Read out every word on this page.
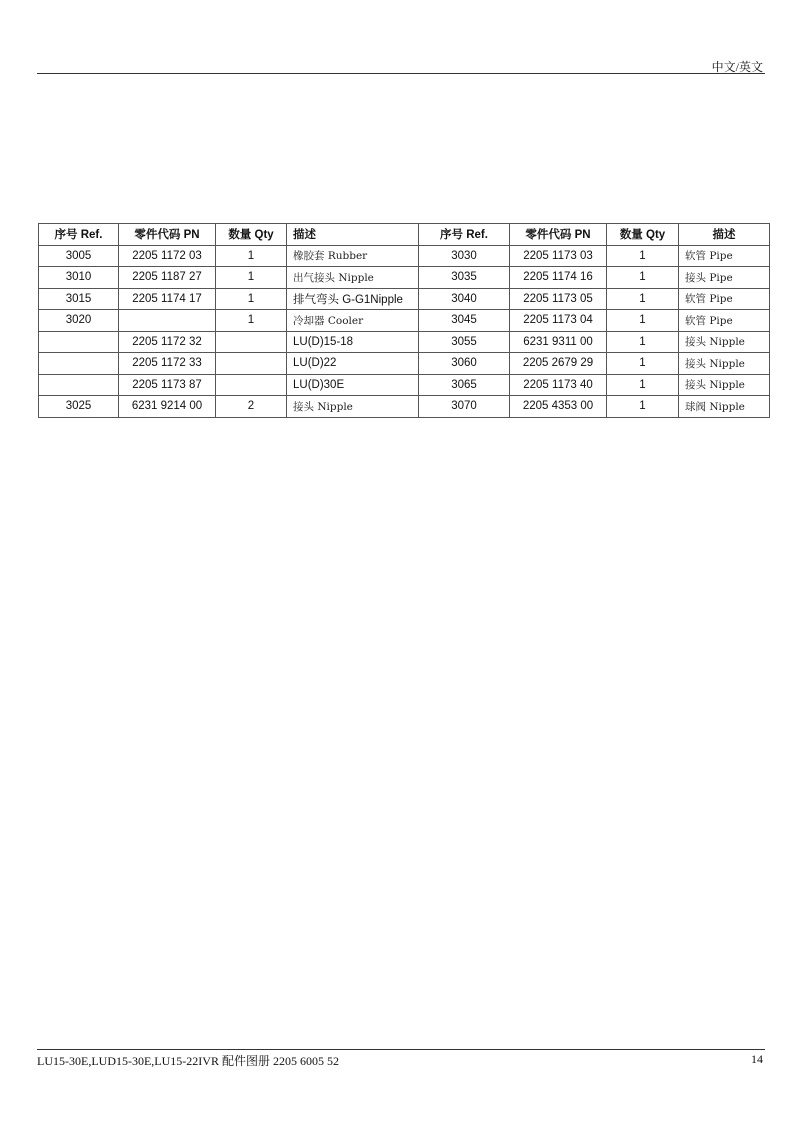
中文/英文
序号 Ref.	零件代码 PN	数量 Qty	描述	序号 Ref.	零件代码 PN	数量 Qty	描述
3005	2205 1172 03	1	橡胶套 Rubber	3030	2205 1173 03	1	软管 Pipe
3010	2205 1187 27	1	出气接头 Nipple	3035	2205 1174 16	1	接头 Pipe
3015	2205 1174 17	1	排气弯头 G-G1Nipple	3040	2205 1173 05	1	软管 Pipe
3020		1	冷却器 Cooler	3045	2205 1173 04	1	软管 Pipe
	2205 1172 32		LU(D)15-18	3055	6231 9311 00	1	接头 Nipple
	2205 1172 33		LU(D)22	3060	2205 2679 29	1	接头 Nipple
	2205 1173 87		LU(D)30E	3065	2205 1173 40	1	接头 Nipple
3025	6231 9214 00	2	接头 Nipple	3070	2205 4353 00	1	球阀 Nipple
LU15-30E,LUD15-30E,LU15-22IVR 配件图册 2205 6005 52	14
